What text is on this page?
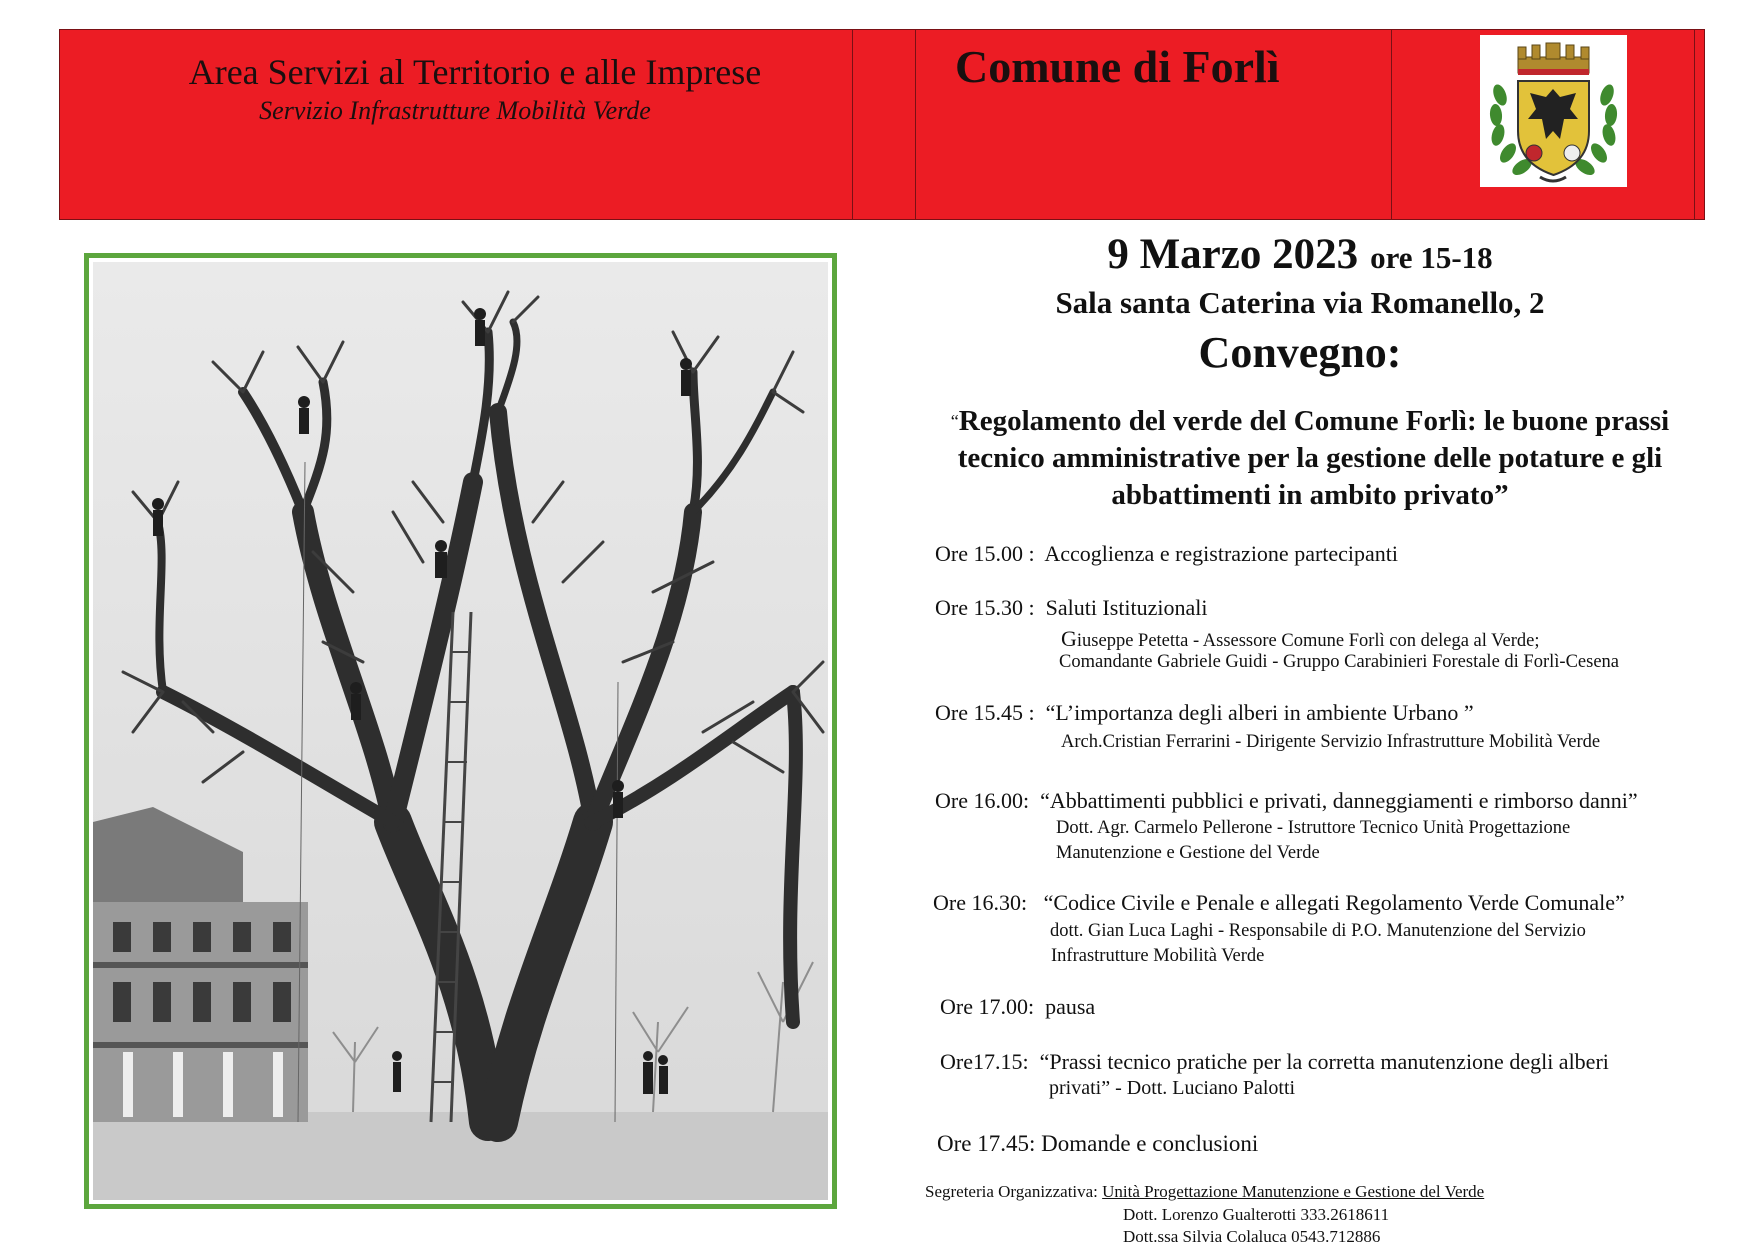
Area Servizi al Territorio e alle Imprese
Servizio Infrastrutture Mobilità Verde
Comune di Forlì
9 Marzo 2023 ore 15-18
Sala santa Caterina via Romanello, 2
Convegno:
“Regolamento del verde del Comune Forlì: le buone prassi tecnico amministrative per la gestione delle potature e gli abbattimenti in ambito privato”
Ore 15.00 : Accoglienza e registrazione partecipanti
Ore 15.30 : Saluti Istituzionali
Giuseppe Petetta - Assessore Comune Forlì con delega al Verde;
Comandante Gabriele Guidi - Gruppo Carabinieri Forestale di Forlì-Cesena
Ore 15.45 : “L’importanza degli alberi in ambiente Urbano ”
Arch.Cristian Ferrarini - Dirigente Servizio Infrastrutture Mobilità Verde
Ore 16.00: “Abbattimenti pubblici e privati, danneggiamenti e rimborso danni”
Dott. Agr. Carmelo Pellerone - Istruttore Tecnico Unità Progettazione
Manutenzione e Gestione del Verde
Ore 16.30: “Codice Civile e Penale e allegati Regolamento Verde Comunale”
dott. Gian Luca Laghi - Responsabile di P.O. Manutenzione del Servizio
Infrastrutture Mobilità Verde
Ore 17.00: pausa
Ore17.15: “Prassi tecnico pratiche per la corretta manutenzione degli alberi
privati” - Dott. Luciano Palotti
Ore 17.45: Domande e conclusioni
Segreteria Organizzativa: Unità Progettazione Manutenzione e Gestione del Verde
Dott. Lorenzo Gualterotti 333.2618611
Dott.ssa Silvia Colaluca 0543.712886
